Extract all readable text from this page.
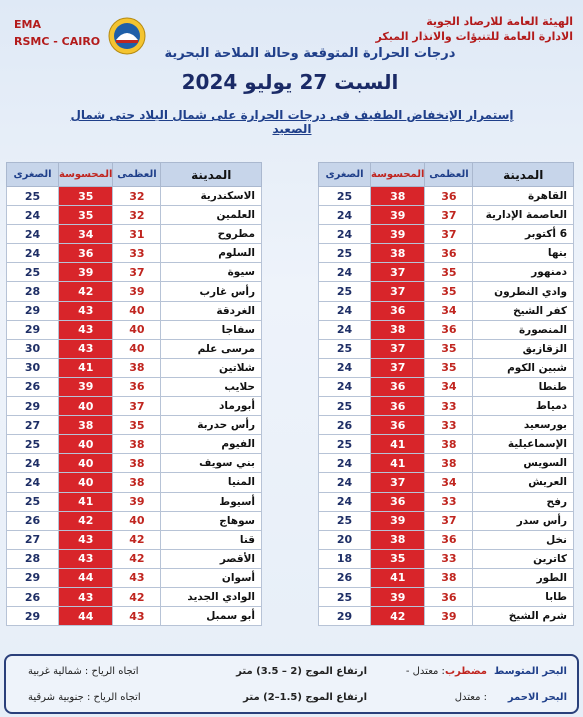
EMA
RSMC - CAIRO
الهيئة العامة للارصاد الجوية
الادارة العامة للتنبؤات والانذار المبكر
درجات الحرارة المتوقعة وحالة الملاحة البحرية
السبت 27 يوليو 2024
إستمرار الإنخفاض الطفيف فى درجات الحرارة على شمال البلاد حتى شمال الصعيد
الصغرى	المحسوسة	العظمى	المدينة
25	38	36	القاهرة
24	39	37	العاصمة الإدارية
24	39	37	6 أكتوبر
25	38	36	بنها
24	37	35	دمنهور
25	37	35	وادي النطرون
24	36	34	كفر الشيخ
24	38	36	المنصورة
25	37	35	الزقازيق
24	37	35	شبين الكوم
24	36	34	طنطا
25	36	33	دمياط
26	36	33	بورسعيد
25	41	38	الإسماعيلية
24	41	38	السويس
24	37	34	العريش
24	36	33	رفح
25	39	37	رأس سدر
20	38	36	نخل
18	35	33	كاترين
26	41	38	الطور
25	39	36	طابا
29	42	39	شرم الشيخ
الصغرى	المحسوسة	العظمى	المدينة
25	35	32	الاسكندرية
24	35	32	العلمين
24	34	31	مطروح
24	36	33	السلوم
25	39	37	سيوة
28	42	39	رأس غارب
29	43	40	الغردقة
29	43	40	سفاجا
30	43	40	مرسى علم
30	41	38	شلاتين
26	39	36	حلايب
29	40	37	أبورماد
27	38	35	رأس حدربة
25	40	38	الفيوم
24	40	38	بني سويف
24	40	38	المنيا
25	41	39	أسيوط
26	42	40	سوهاج
27	43	42	قنا
28	43	42	الأقصر
29	44	43	أسوان
26	43	42	الوادي الجديد
29	44	43	أبو سمبل
البحر المتوسط
مضطرب: معتدل -
ارتفاع الموج (2 – 3.5) متر
اتجاه الرياح : شمالية غربية
البحر الاحمر
: معتدل
ارتفاع الموج (1.5–2) متر
اتجاه الرياح : جنوبية شرقية
